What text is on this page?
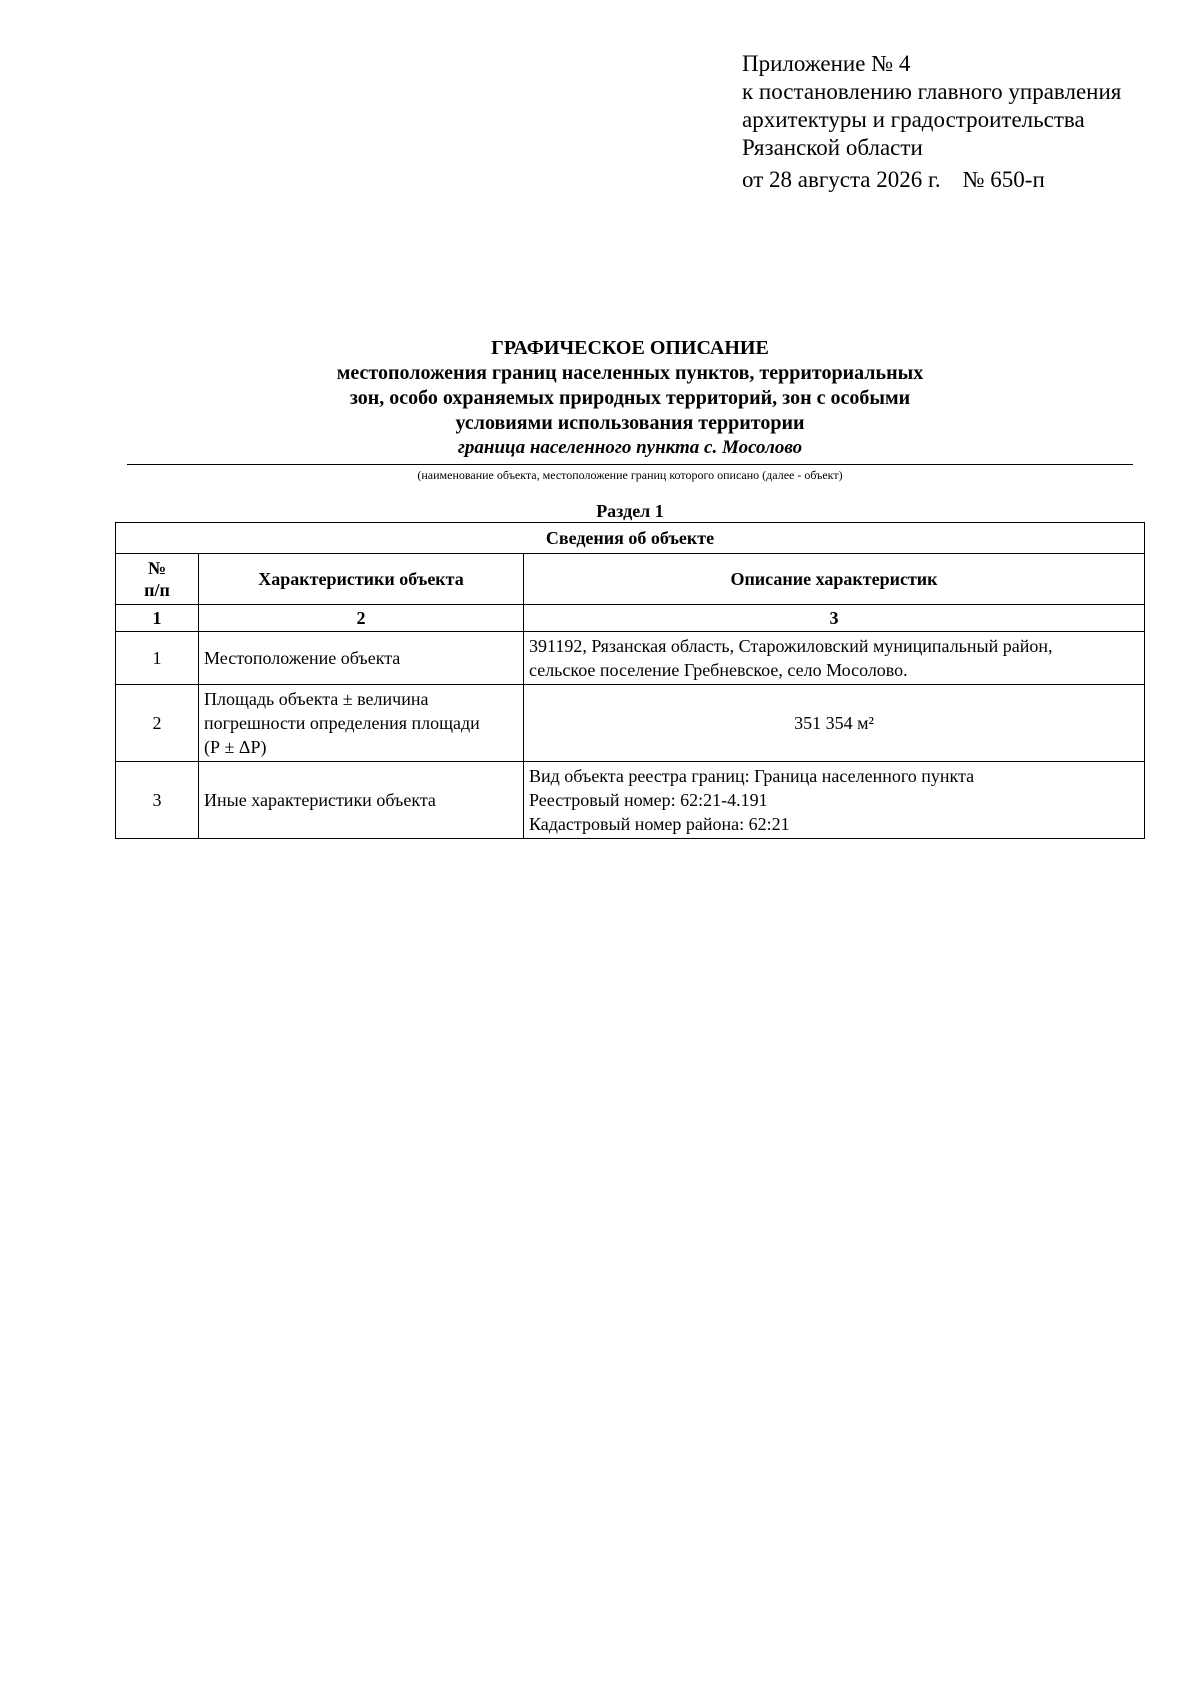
Приложение № 4
к постановлению главного управления
архитектуры и градостроительства
Рязанской области
от 28 августа 2026 г. № 650-п
ГРАФИЧЕСКОЕ ОПИСАНИЕ
местоположения границ населенных пунктов, территориальных
зон, особо охраняемых природных территорий, зон с особыми
условиями использования территории
граница населенного пункта с. Мосолово
(наименование объекта, местоположение границ которого описано (далее - объект)
Раздел 1
Сведения об объекте		

№
п/п	Характеристики объекта	Описание характеристик
1	2	3
1	Местоположение объекта	391192, Рязанская область, Старожиловский муниципальный район,
сельское поселение Гребневское, село Мосолово.

2	Площадь объекта ± величина
погрешности определения площади
(Р ± ΔР)	351 354 м²
3	Иные характеристики объекта	Вид объекта реестра границ: Граница населенного пункта
Реестровый номер: 62:21-4.191
Кадастровый номер района: 62:21
